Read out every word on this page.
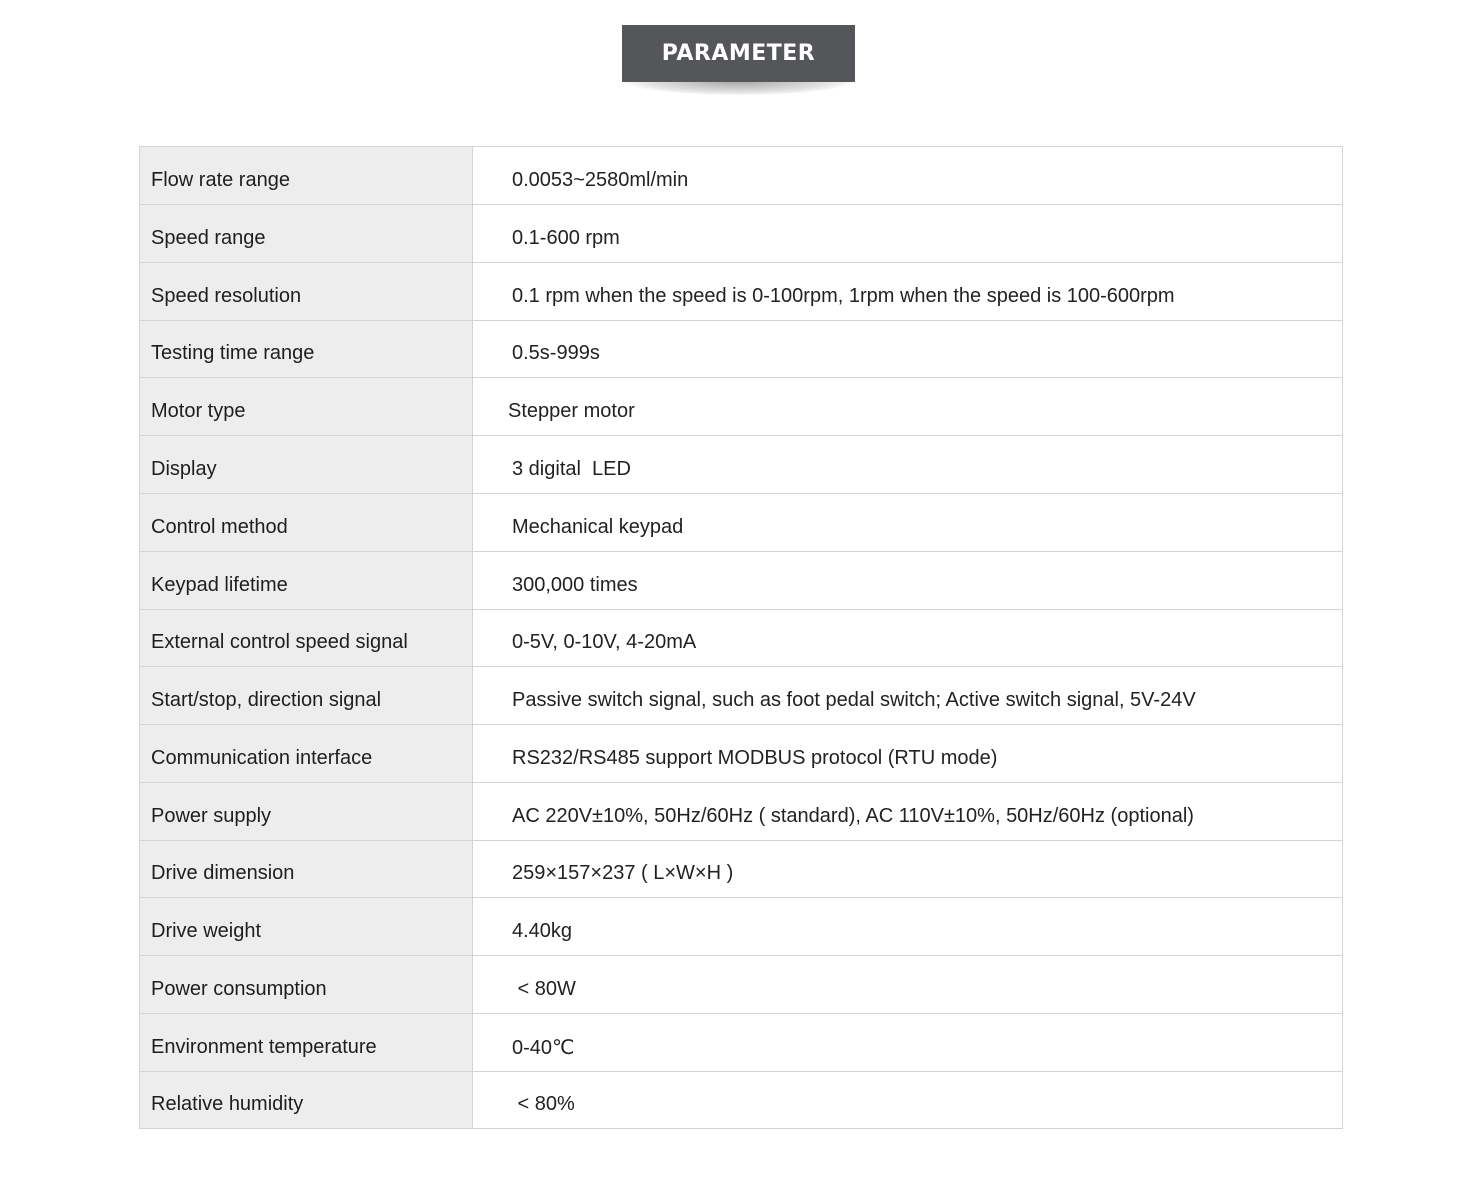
PARAMETER
Flow rate range	0.0053~2580ml/min
Speed range	0.1-600 rpm
Speed resolution	0.1 rpm when the speed is 0-100rpm, 1rpm when the speed is 100-600rpm
Testing time range	0.5s-999s
Motor type	Stepper motor
Display	3 digital  LED
Control method	Mechanical keypad
Keypad lifetime	300,000 times
External control speed signal	0-5V, 0-10V, 4-20mA
Start/stop, direction signal	Passive switch signal, such as foot pedal switch; Active switch signal, 5V-24V
Communication interface	RS232/RS485 support MODBUS protocol (RTU mode)
Power supply	AC 220V±10%, 50Hz/60Hz ( standard), AC 110V±10%, 50Hz/60Hz (optional)
Drive dimension	259×157×237 ( L×W×H )
Drive weight	4.40kg
Power consumption	< 80W
Environment temperature	0-40℃
Relative humidity	< 80%
